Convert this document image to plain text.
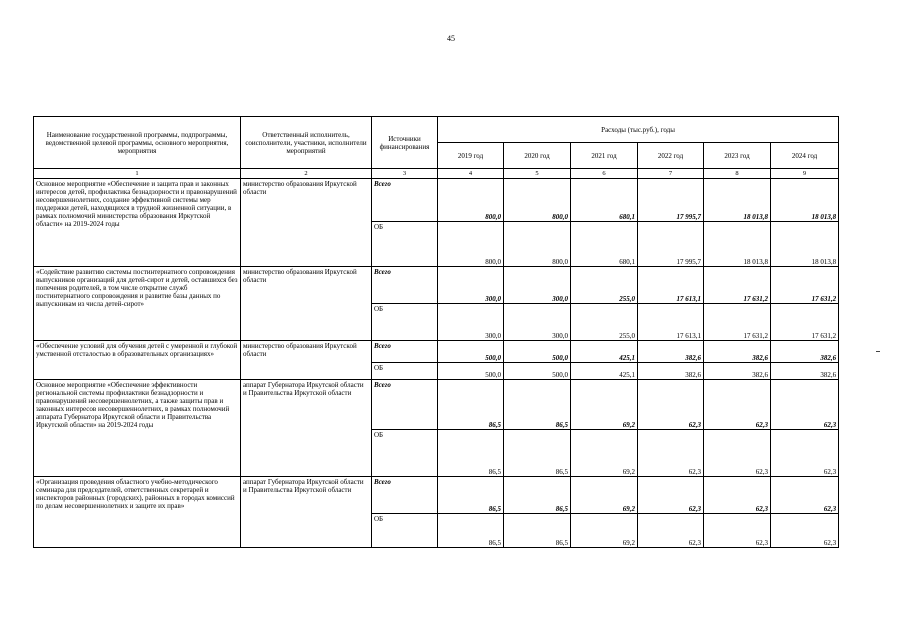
45
Наименование государственной программы, подпрограммы, ведомственной целевой программы, основного мероприятия, мероприятия	Ответственный исполнитель, соисполнители, участники, исполнители мероприятий	Источники финансирования	Расходы (тыс.руб.), годы					
			2019 год	2020 год	2021 год	2022 год	2023 год	2024 год
1	2	3	4	5	6	7	8	9
Основное мероприятие «Обеспечение и защита прав и законных интересов детей, профилактика безнадзорности и правонарушений несовершеннолетних, создание эффективной системы мер поддержки детей, находящихся в трудной жизненной ситуации, в рамках полномочий министерства образования Иркутской области» на 2019-2024 годы	министерство образования Иркутской области	Всего	800,0	800,0	680,1	17 995,7	18 013,8	18 013,8
		ОБ	800,0	800,0	680,1	17 995,7	18 013,8	18 013,8
«Содействие развитию системы постинтернатного сопровождения выпускников организаций для детей-сирот и детей, оставшихся без попечения родителей, в том числе открытие служб постинтернатного сопровождения и развитие базы данных по выпускникам из числа детей-сирот»	министерство образования Иркутской области	Всего	300,0	300,0	255,0	17 613,1	17 631,2	17 631,2
		ОБ	300,0	300,0	255,0	17 613,1	17 631,2	17 631,2
«Обеспечение условий для обучения детей с умеренной и глубокой умственной отсталостью в образовательных организациях»	министерство образования Иркутской области	Всего	500,0	500,0	425,1	382,6	382,6	382,6
		ОБ	500,0	500,0	425,1	382,6	382,6	382,6
Основное мероприятие «Обеспечение эффективности региональной системы профилактики безнадзорности и правонарушений несовершеннолетних, а также защиты прав и законных интересов несовершеннолетних, в рамках полномочий аппарата Губернатора Иркутской области и Правительства Иркутской области» на 2019-2024 годы	аппарат Губернатора Иркутской области и Правительства Иркутской области	Всего	86,5	86,5	69,2	62,3	62,3	62,3
		ОБ	86,5	86,5	69,2	62,3	62,3	62,3
«Организация проведения областного учебно-методического семинара для председателей, ответственных секретарей и инспекторов районных (городских), районных в городах комиссий по делам несовершеннолетних и защите их прав»	аппарат Губернатора Иркутской области и Правительства Иркутской области	Всего	86,5	86,5	69,2	62,3	62,3	62,3
		ОБ	86,5	86,5	69,2	62,3	62,3	62,3
